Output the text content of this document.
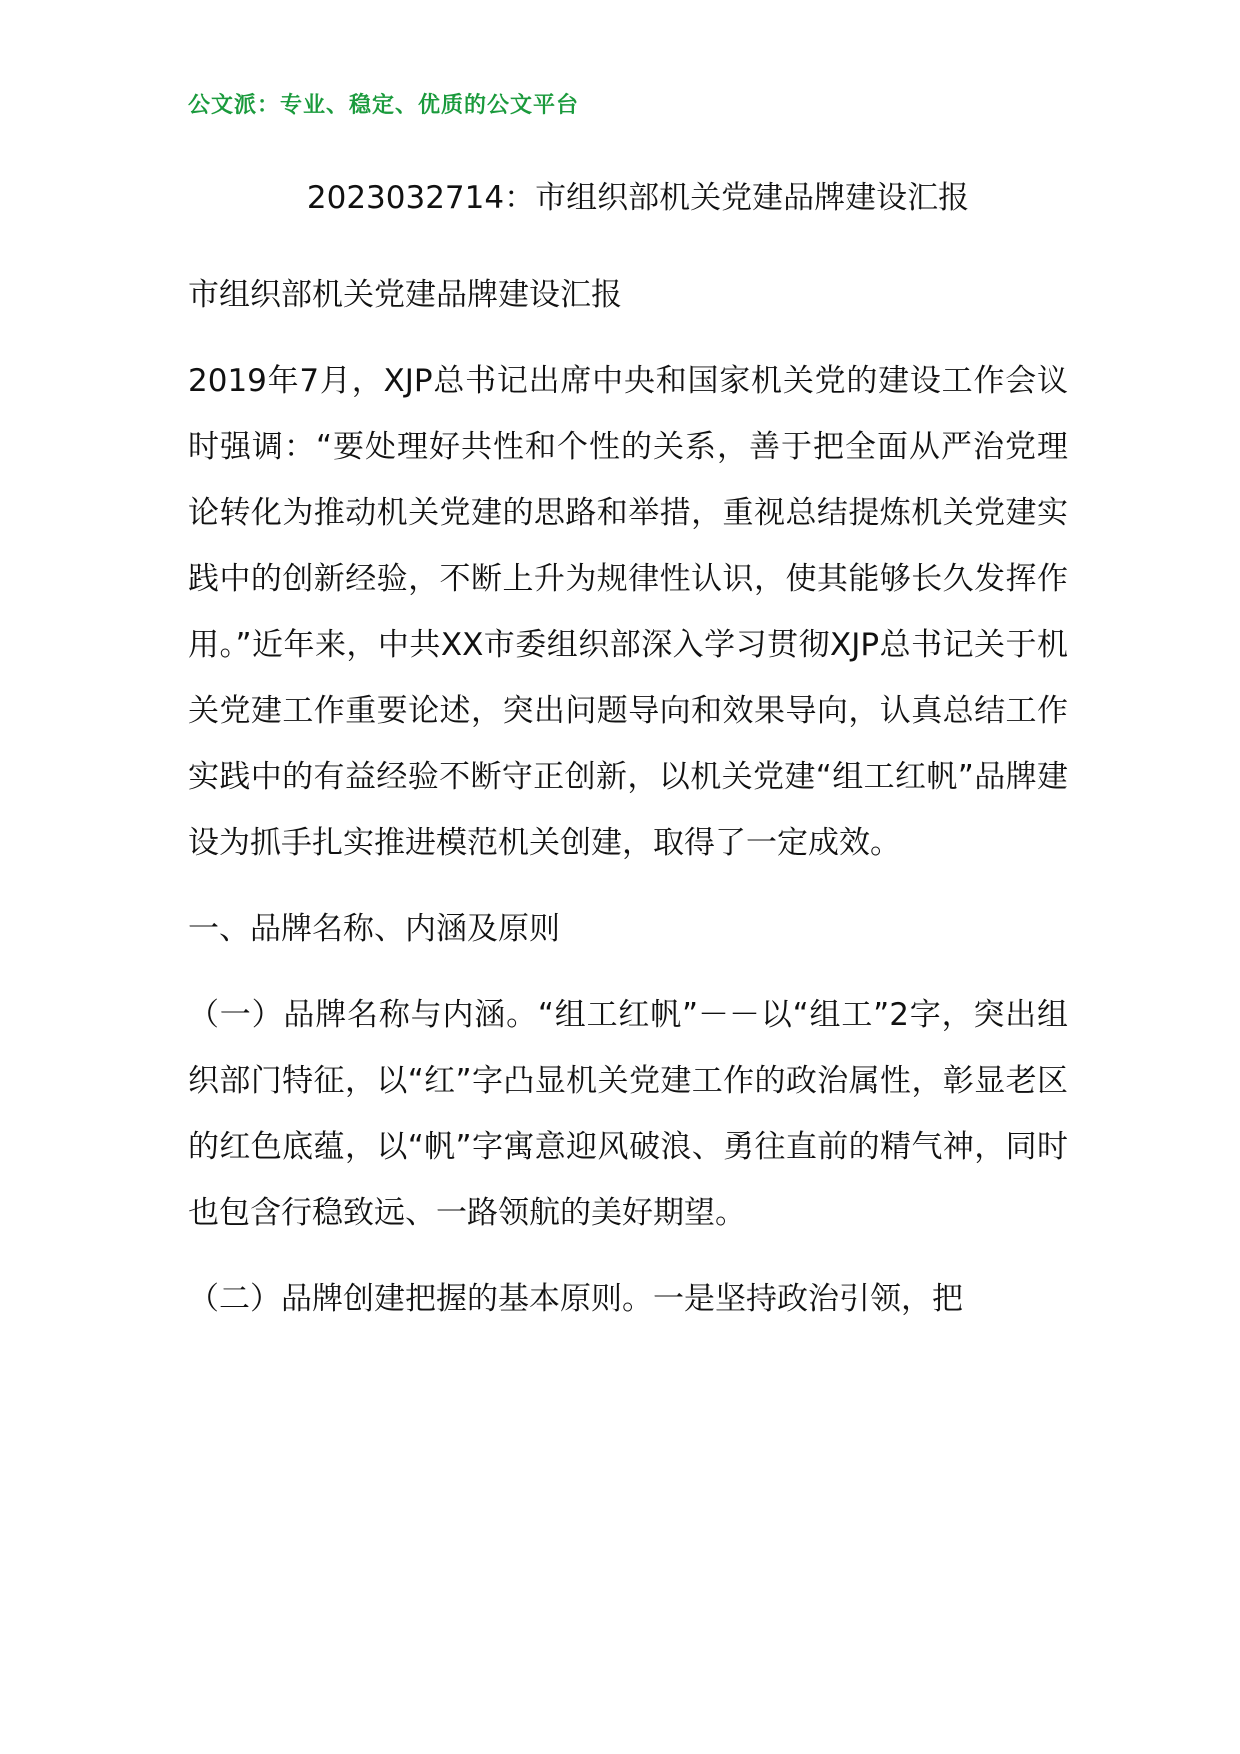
公文派：专业、稳定、优质的公文平台
2023032714：市组织部机关党建品牌建设汇报

市组织部机关党建品牌建设汇报

2019年7月，XJP总书记出席中央和国家机关党的建设工作会议时强调：“要处理好共性和个性的关系，善于把全面从严治党理论转化为推动机关党建的思路和举措，重视总结提炼机关党建实践中的创新经验，不断上升为规律性认识，使其能够长久发挥作用。”近年来，中共XX市委组织部深入学习贯彻XJP总书记关于机关党建工作重要论述，突出问题导向和效果导向，认真总结工作实践中的有益经验不断守正创新，以机关党建“组工红帆”品牌建设为抓手扎实推进模范机关创建，取得了一定成效。

一、品牌名称、内涵及原则

（一）品牌名称与内涵。“组工红帆”－－以“组工”2字，突出组织部门特征，以“红”字凸显机关党建工作的政治属性，彰显老区的红色底蕴，以“帆”字寓意迎风破浪、勇往直前的精气神，同时也包含行稳致远、一路领航的美好期望。

（二）品牌创建把握的基本原则。一是坚持政治引领，把
